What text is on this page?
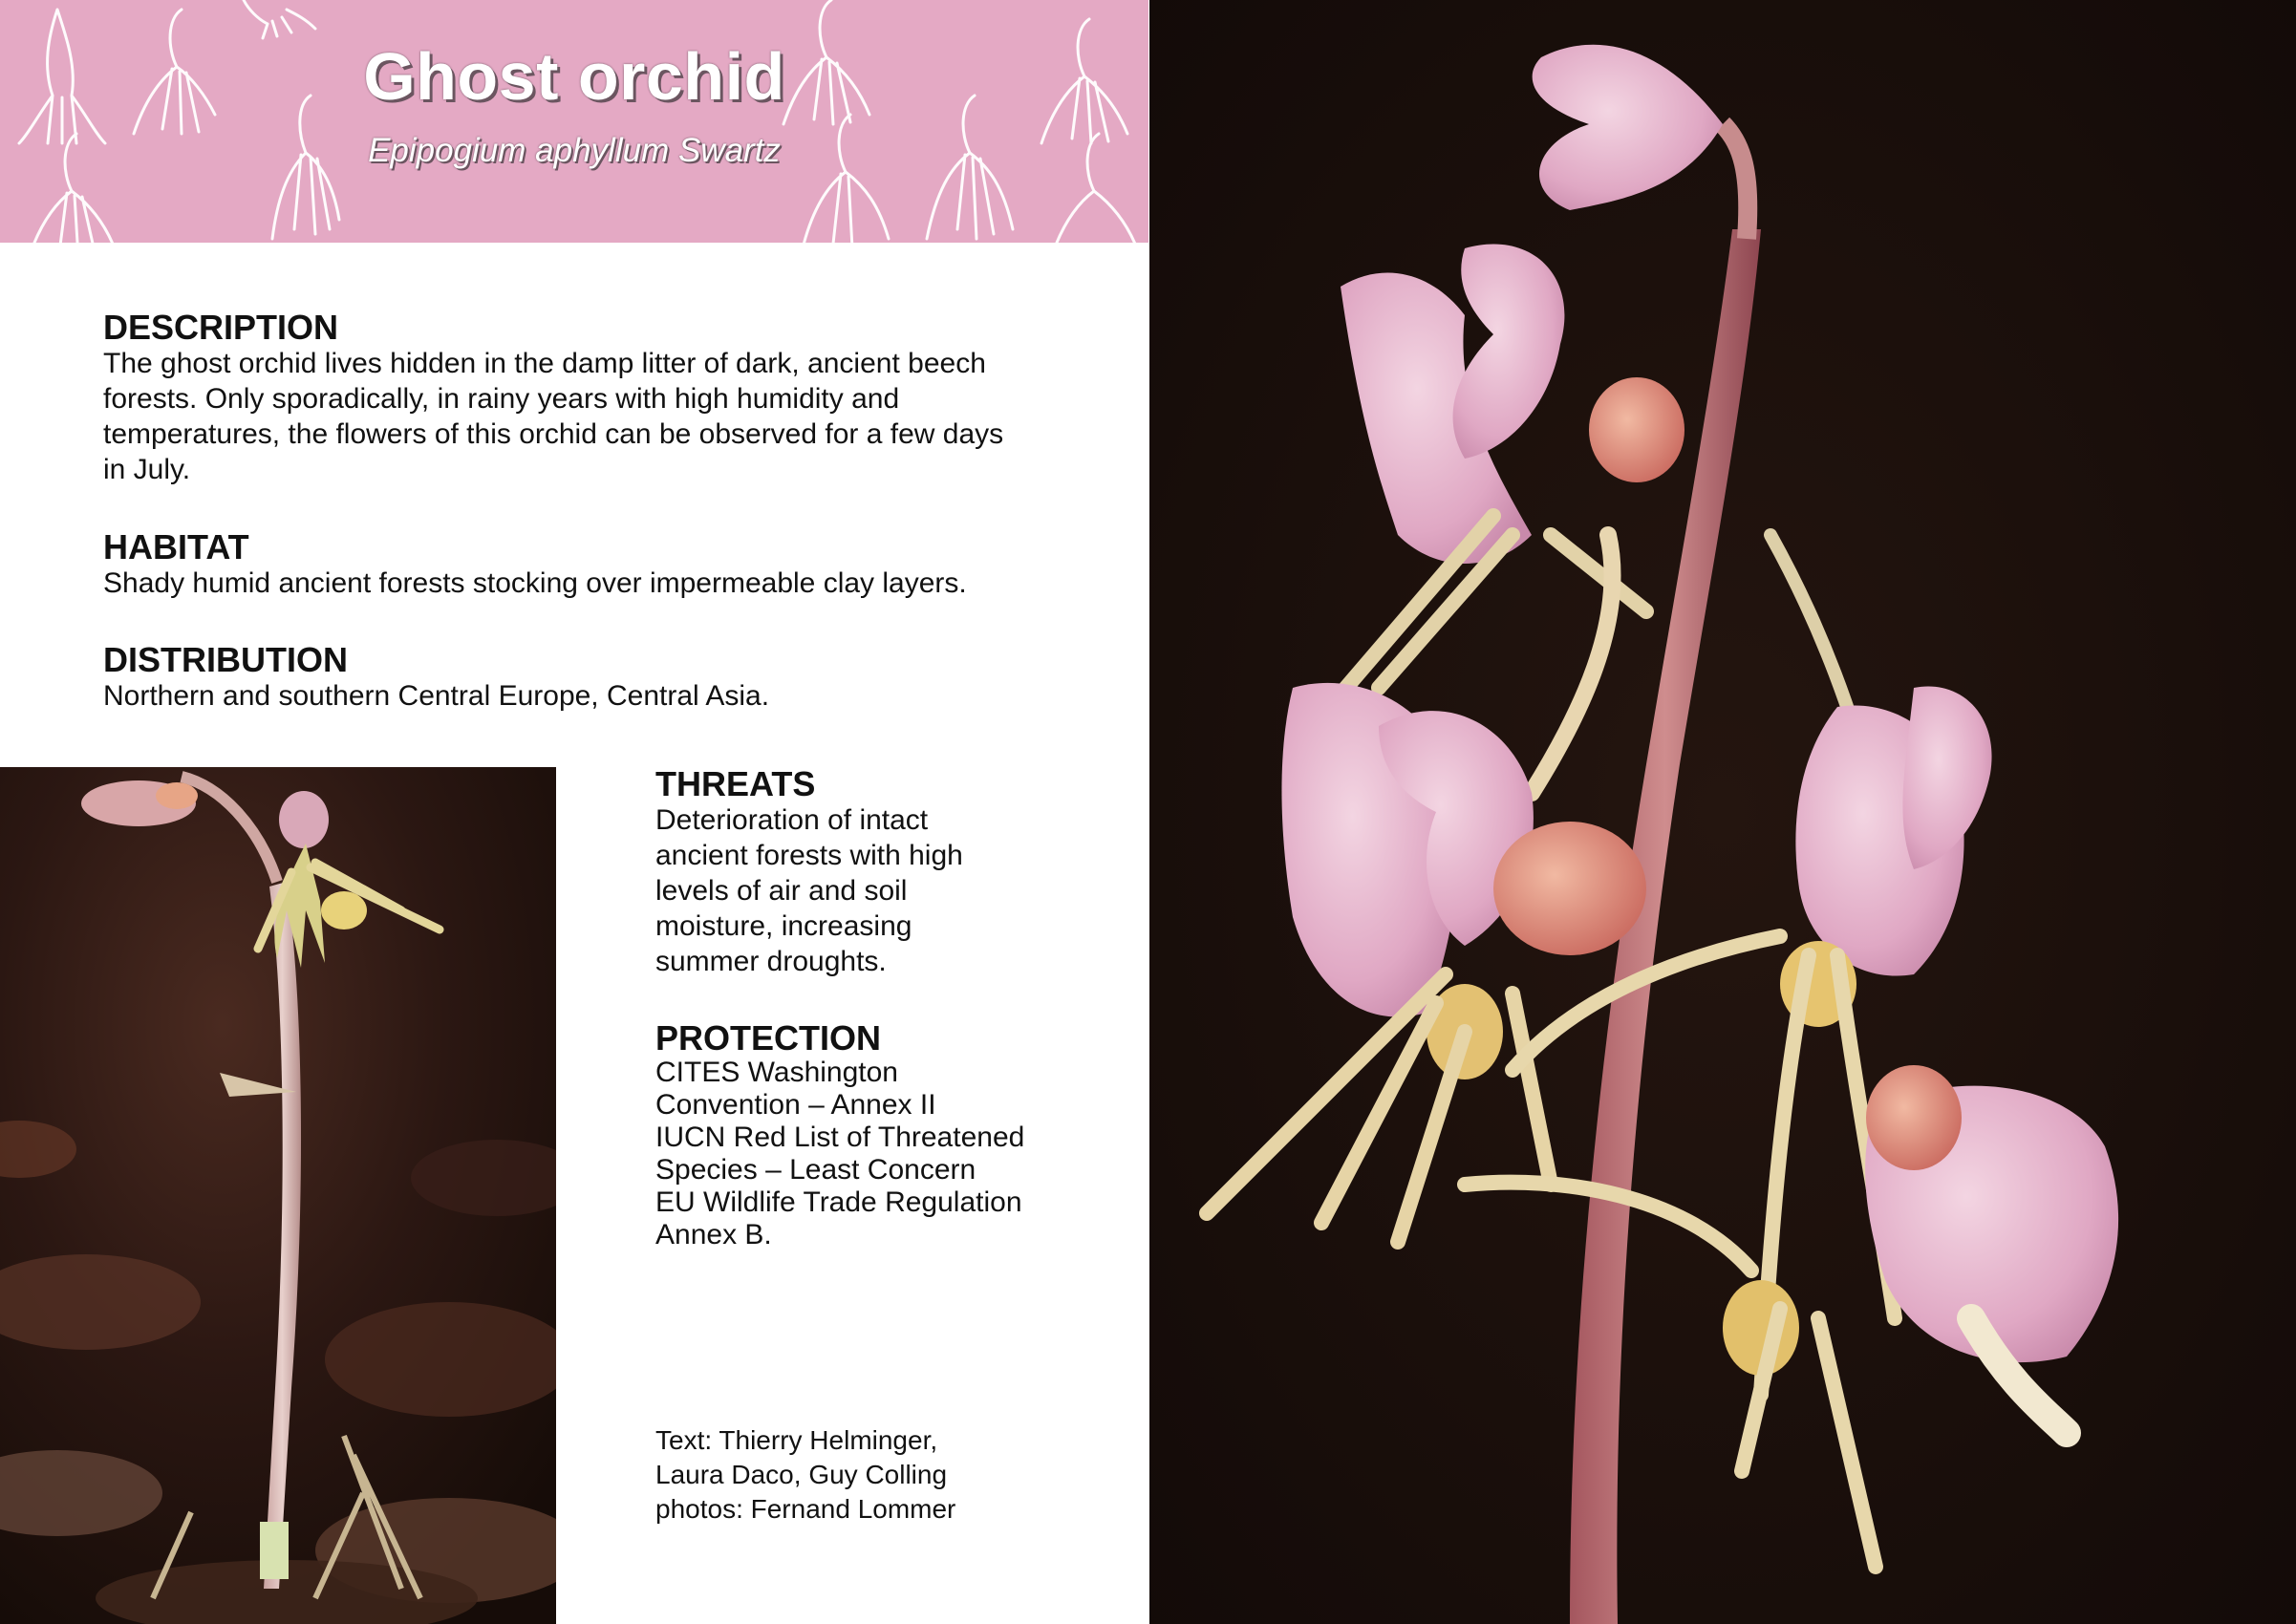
Ghost orchid
Epipogium aphyllum Swartz
DESCRIPTION
The ghost orchid lives hidden in the damp litter of dark, ancient beech
forests. Only sporadically, in rainy years with high humidity and
temperatures, the flowers of this orchid can be observed for a few days
in July.
HABITAT
Shady humid ancient forests stocking over impermeable clay layers.
DISTRIBUTION
Northern and southern Central Europe, Central Asia.
THREATS
Deterioration of intact
ancient forests with high
levels of air and soil
moisture, increasing
summer droughts.
PROTECTION
CITES Washington
Convention – Annex II
IUCN Red List of Threatened
Species – Least Concern
EU Wildlife Trade Regulation
Annex B.
Text: Thierry Helminger,
Laura Daco, Guy Colling
photos: Fernand Lommer
